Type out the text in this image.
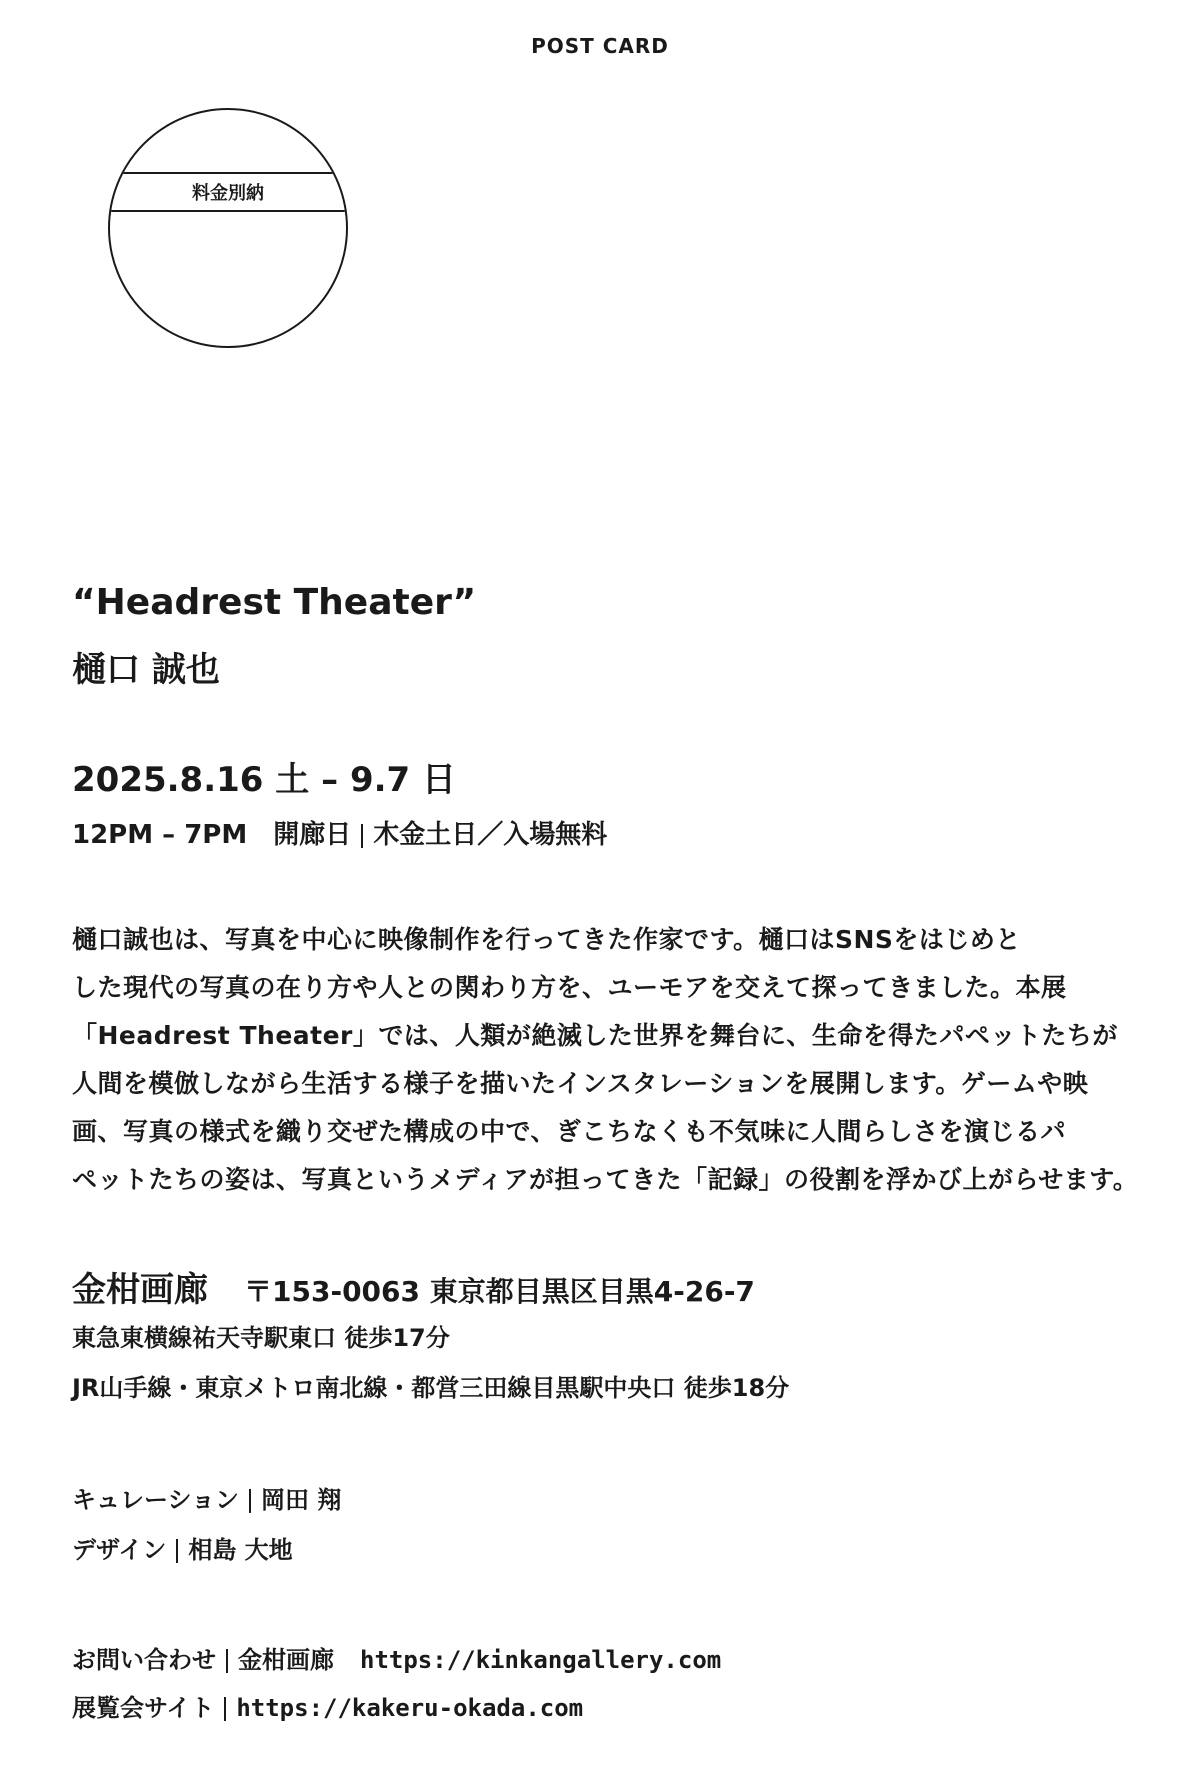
POST CARD
料金別納
“Headrest Theater”
樋口 誠也
2025.8.16 土 – 9.7 日
12PM – 7PM 開廊日 木金土日／入場無料

樋口誠也は、写真を中心に映像制作を行ってきた作家です。樋口はSNSをはじめと

した現代の写真の在り方や人との関わり方を、ユーモアを交えて探ってきました。本展

「Headrest Theater」では、人類が絶滅した世界を舞台に、生命を得たパペットたちが

人間を模倣しながら生活する様子を描いたインスタレーションを展開します。ゲームや映

画、写真の様式を織り交ぜた構成の中で、ぎこちなくも不気味に人間らしさを演じるパ

ペットたちの姿は、写真というメディアが担ってきた「記録」の役割を浮かび上がらせます。

金柑画廊 〒153-0063 東京都目黒区目黒4-26-7
東急東横線祐天寺駅東口 徒歩17分
JR山手線・東京メトロ南北線・都営三田線目黒駅中央口 徒歩18分
キュレーション 岡田 翔
デザイン 相島 大地
お問い合わせ 金柑画廊 https://kinkangallery.com
展覧会サイト https://kakeru-okada.com
